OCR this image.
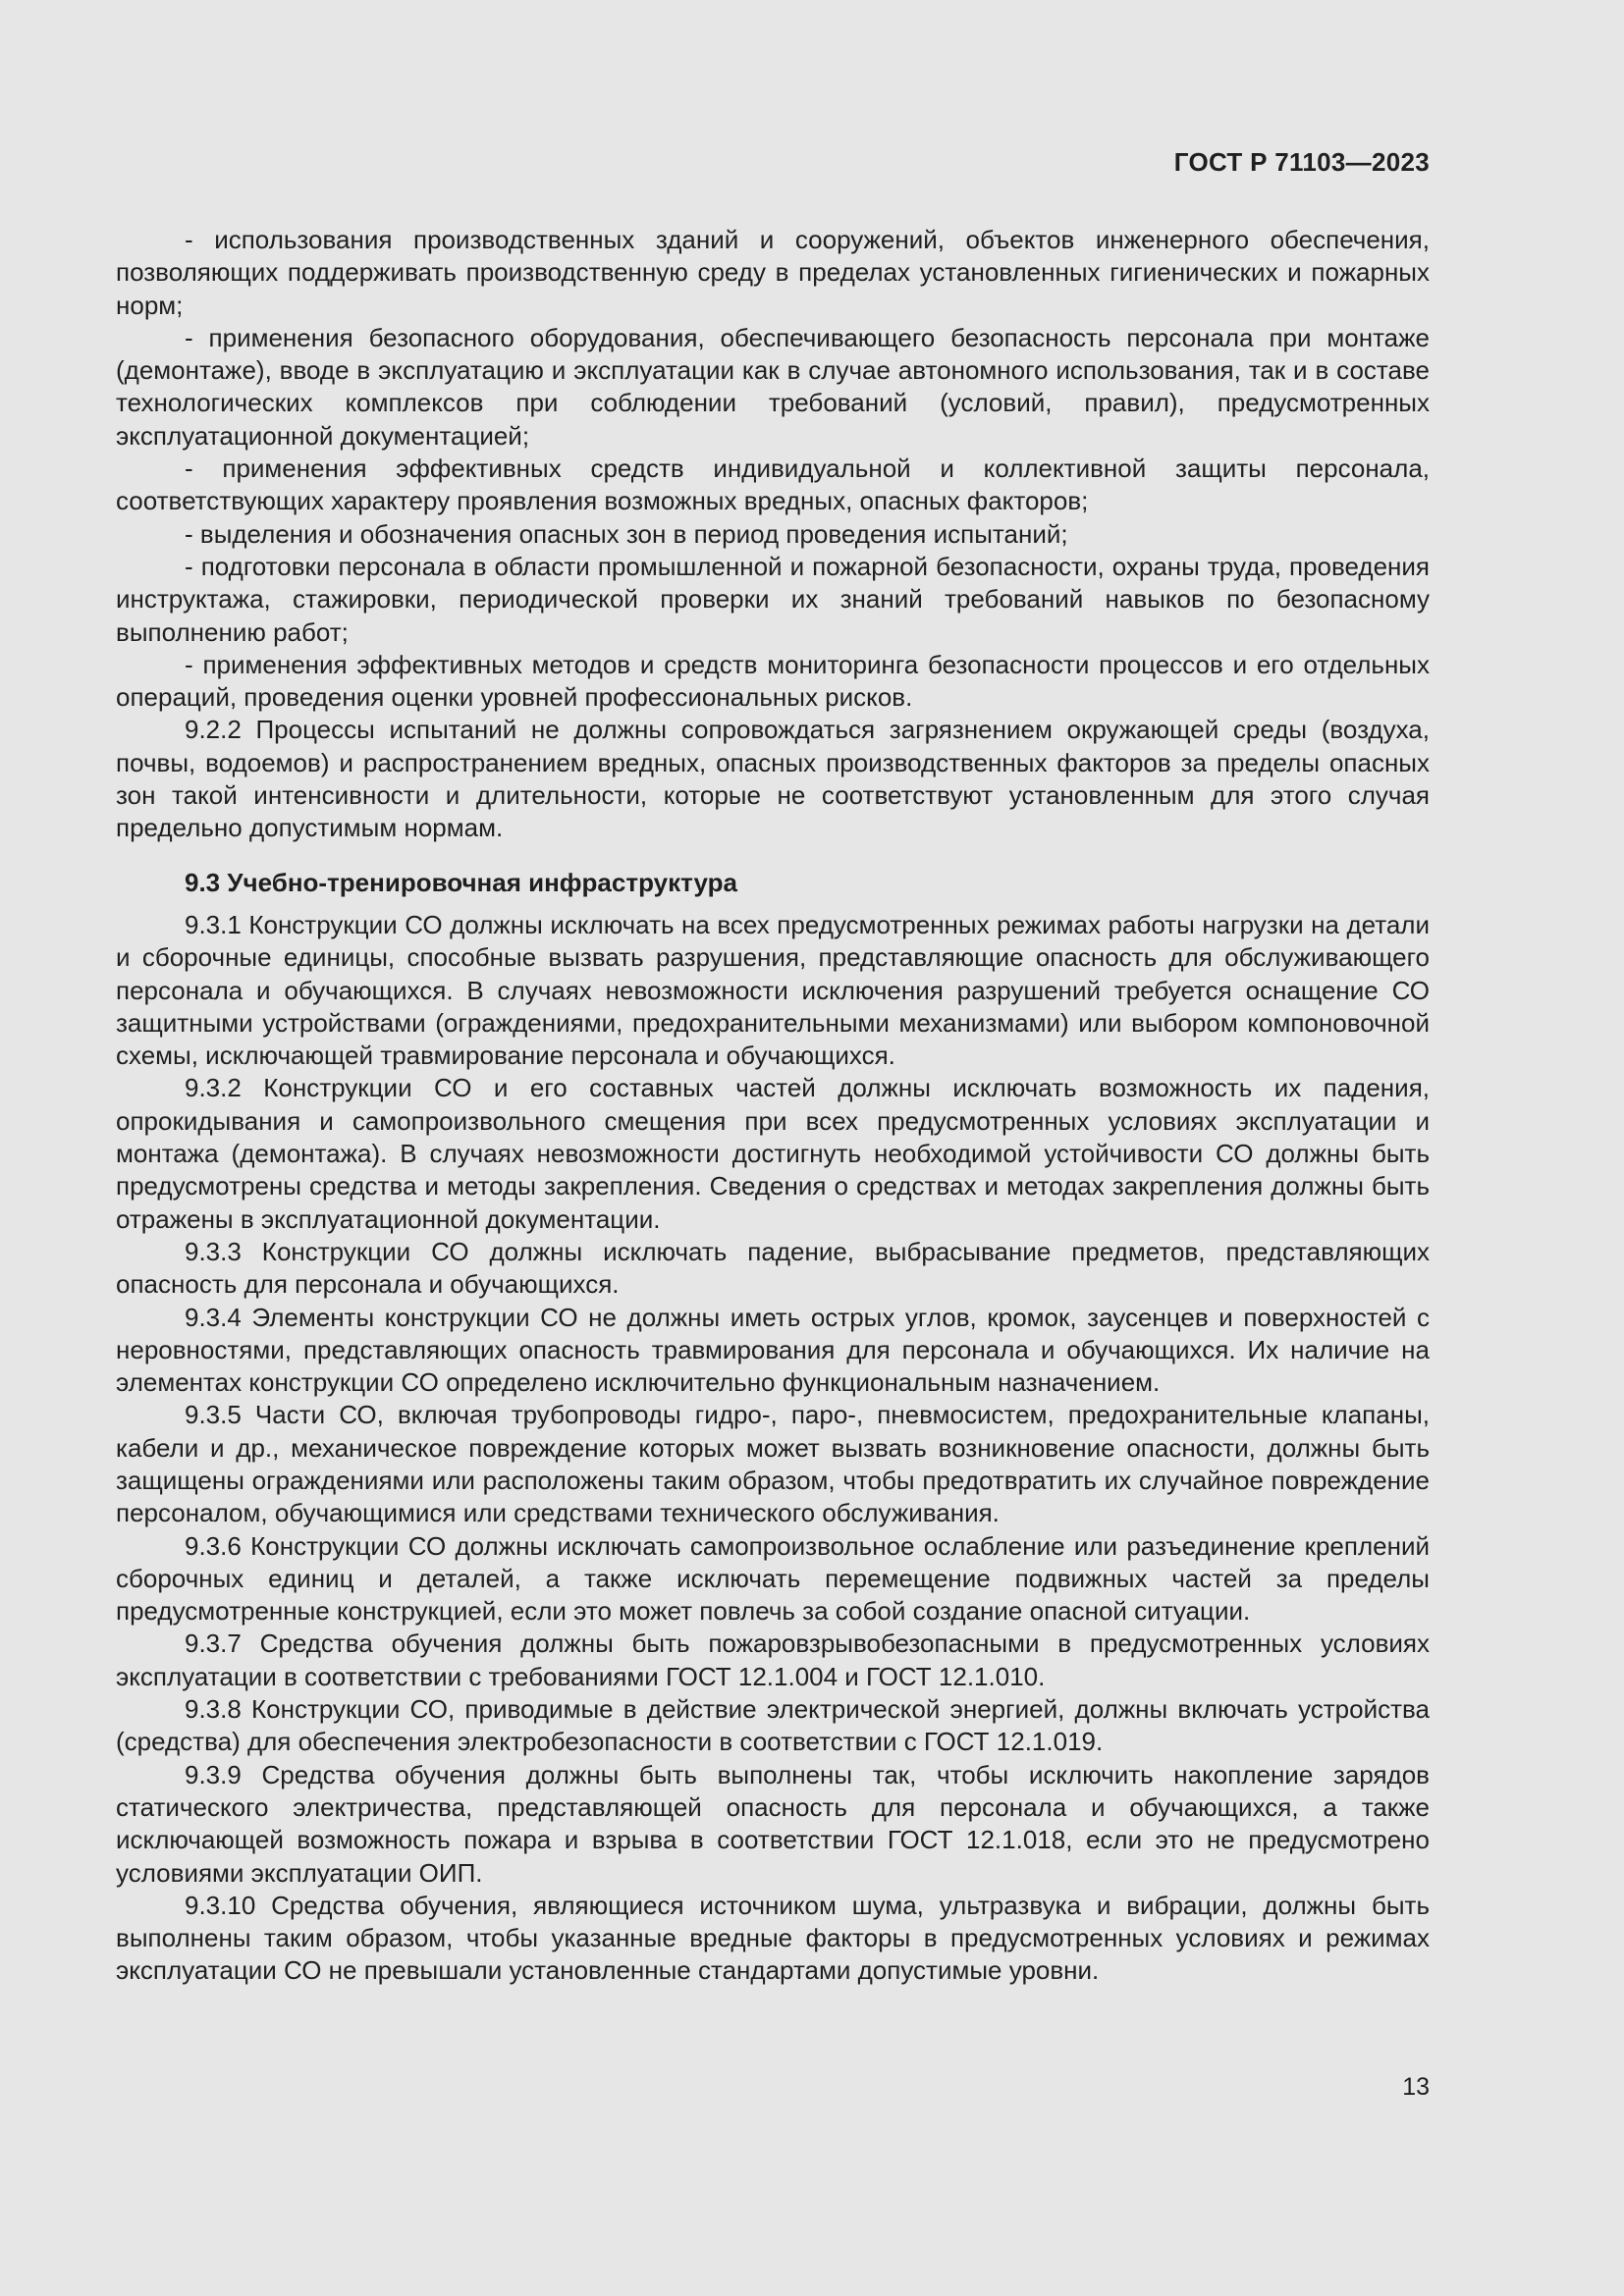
ГОСТ Р 71103—2023

- использования производственных зданий и сооружений, объектов инженерного обеспечения, позволяющих поддерживать производственную среду в пределах установленных гигиенических и пожарных норм;

- применения безопасного оборудования, обеспечивающего безопасность персонала при монтаже (демонтаже), вводе в эксплуатацию и эксплуатации как в случае автономного использования, так и в составе технологических комплексов при соблюдении требований (условий, правил), предусмотренных эксплуатационной документацией;

- применения эффективных средств индивидуальной и коллективной защиты персонала, соответствующих характеру проявления возможных вредных, опасных факторов;

- выделения и обозначения опасных зон в период проведения испытаний;

- подготовки персонала в области промышленной и пожарной безопасности, охраны труда, проведения инструктажа, стажировки, периодической проверки их знаний требований навыков по безопасному выполнению работ;

- применения эффективных методов и средств мониторинга безопасности процессов и его отдельных операций, проведения оценки уровней профессиональных рисков.

9.2.2 Процессы испытаний не должны сопровождаться загрязнением окружающей среды (воздуха, почвы, водоемов) и распространением вредных, опасных производственных факторов за пределы опасных зон такой интенсивности и длительности, которые не соответствуют установленным для этого случая предельно допустимым нормам.

9.3 Учебно-тренировочная инфраструктура

9.3.1 Конструкции СО должны исключать на всех предусмотренных режимах работы нагрузки на детали и сборочные единицы, способные вызвать разрушения, представляющие опасность для обслуживающего персонала и обучающихся. В случаях невозможности исключения разрушений требуется оснащение СО защитными устройствами (ограждениями, предохранительными механизмами) или выбором компоновочной схемы, исключающей травмирование персонала и обучающихся.

9.3.2 Конструкции СО и его составных частей должны исключать возможность их падения, опрокидывания и самопроизвольного смещения при всех предусмотренных условиях эксплуатации и монтажа (демонтажа). В случаях невозможности достигнуть необходимой устойчивости СО должны быть предусмотрены средства и методы закрепления. Сведения о средствах и методах закрепления должны быть отражены в эксплуатационной документации.

9.3.3 Конструкции СО должны исключать падение, выбрасывание предметов, представляющих опасность для персонала и обучающихся.

9.3.4 Элементы конструкции СО не должны иметь острых углов, кромок, заусенцев и поверхностей с неровностями, представляющих опасность травмирования для персонала и обучающихся. Их наличие на элементах конструкции СО определено исключительно функциональным назначением.

9.3.5 Части СО, включая трубопроводы гидро-, паро-, пневмосистем, предохранительные клапаны, кабели и др., механическое повреждение которых может вызвать возникновение опасности, должны быть защищены ограждениями или расположены таким образом, чтобы предотвратить их случайное повреждение персоналом, обучающимися или средствами технического обслуживания.

9.3.6 Конструкции СО должны исключать самопроизвольное ослабление или разъединение креплений сборочных единиц и деталей, а также исключать перемещение подвижных частей за пределы предусмотренные конструкцией, если это может повлечь за собой создание опасной ситуации.

9.3.7 Средства обучения должны быть пожаровзрывобезопасными в предусмотренных условиях эксплуатации в соответствии с требованиями ГОСТ 12.1.004 и ГОСТ 12.1.010.

9.3.8 Конструкции СО, приводимые в действие электрической энергией, должны включать устройства (средства) для обеспечения электробезопасности в соответствии с ГОСТ 12.1.019.

9.3.9 Средства обучения должны быть выполнены так, чтобы исключить накопление зарядов статического электричества, представляющей опасность для персонала и обучающихся, а также исключающей возможность пожара и взрыва в соответствии ГОСТ 12.1.018, если это не предусмотрено условиями эксплуатации ОИП.

9.3.10 Средства обучения, являющиеся источником шума, ультразвука и вибрации, должны быть выполнены таким образом, чтобы указанные вредные факторы в предусмотренных условиях и режимах эксплуатации СО не превышали установленные стандартами допустимые уровни.

13
